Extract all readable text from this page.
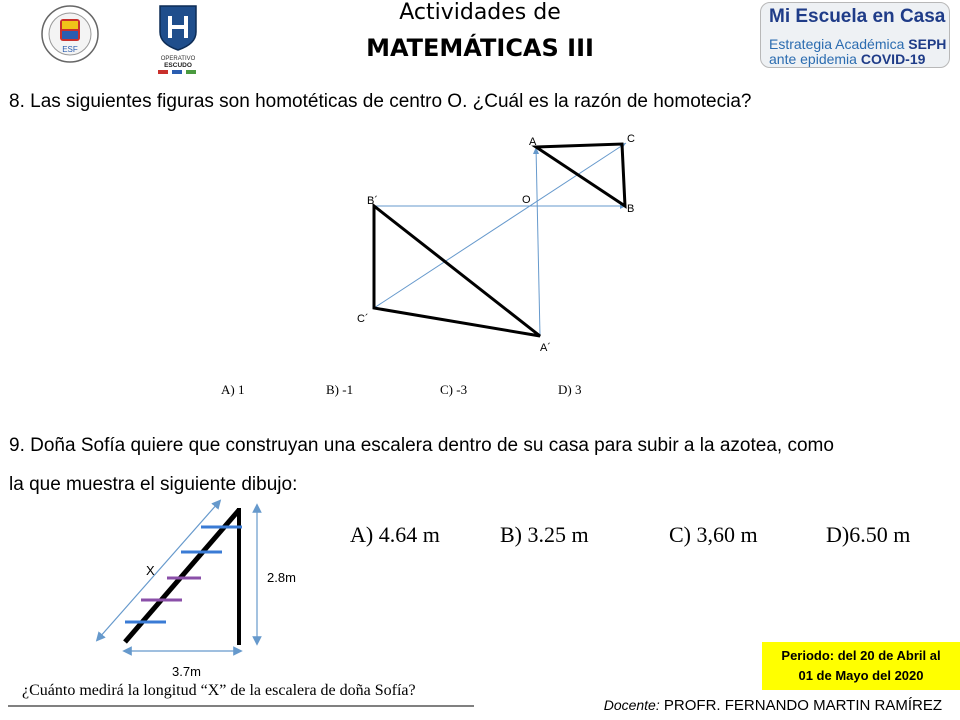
ESF
OPERATIVO
ESCUDO
Actividades de
MATEMÁTICAS III
Mi Escuela en Casa
Estrategia Académica SEPH
ante epidemia COVID-19
8. Las siguientes figuras son homotéticas de centro O. ¿Cuál es la razón de homotecia?
A	C
B
O
B´
C´
A´
A) 1	B) -1	C) -3	D) 3
9. Doña Sofía quiere que construyan una escalera dentro de su casa para subir a la azotea, como
la que muestra el siguiente dibujo:
X	2.8m
3.7m
¿Cuánto medirá la longitud “X” de la escalera de doña Sofía?
A) 4.64 m	B) 3.25 m	C) 3,60 m	D)6.50 m
Periodo: del 20 de Abril al
01 de Mayo del 2020
Docente: PROFR. FERNANDO MARTIN RAMÍREZ
